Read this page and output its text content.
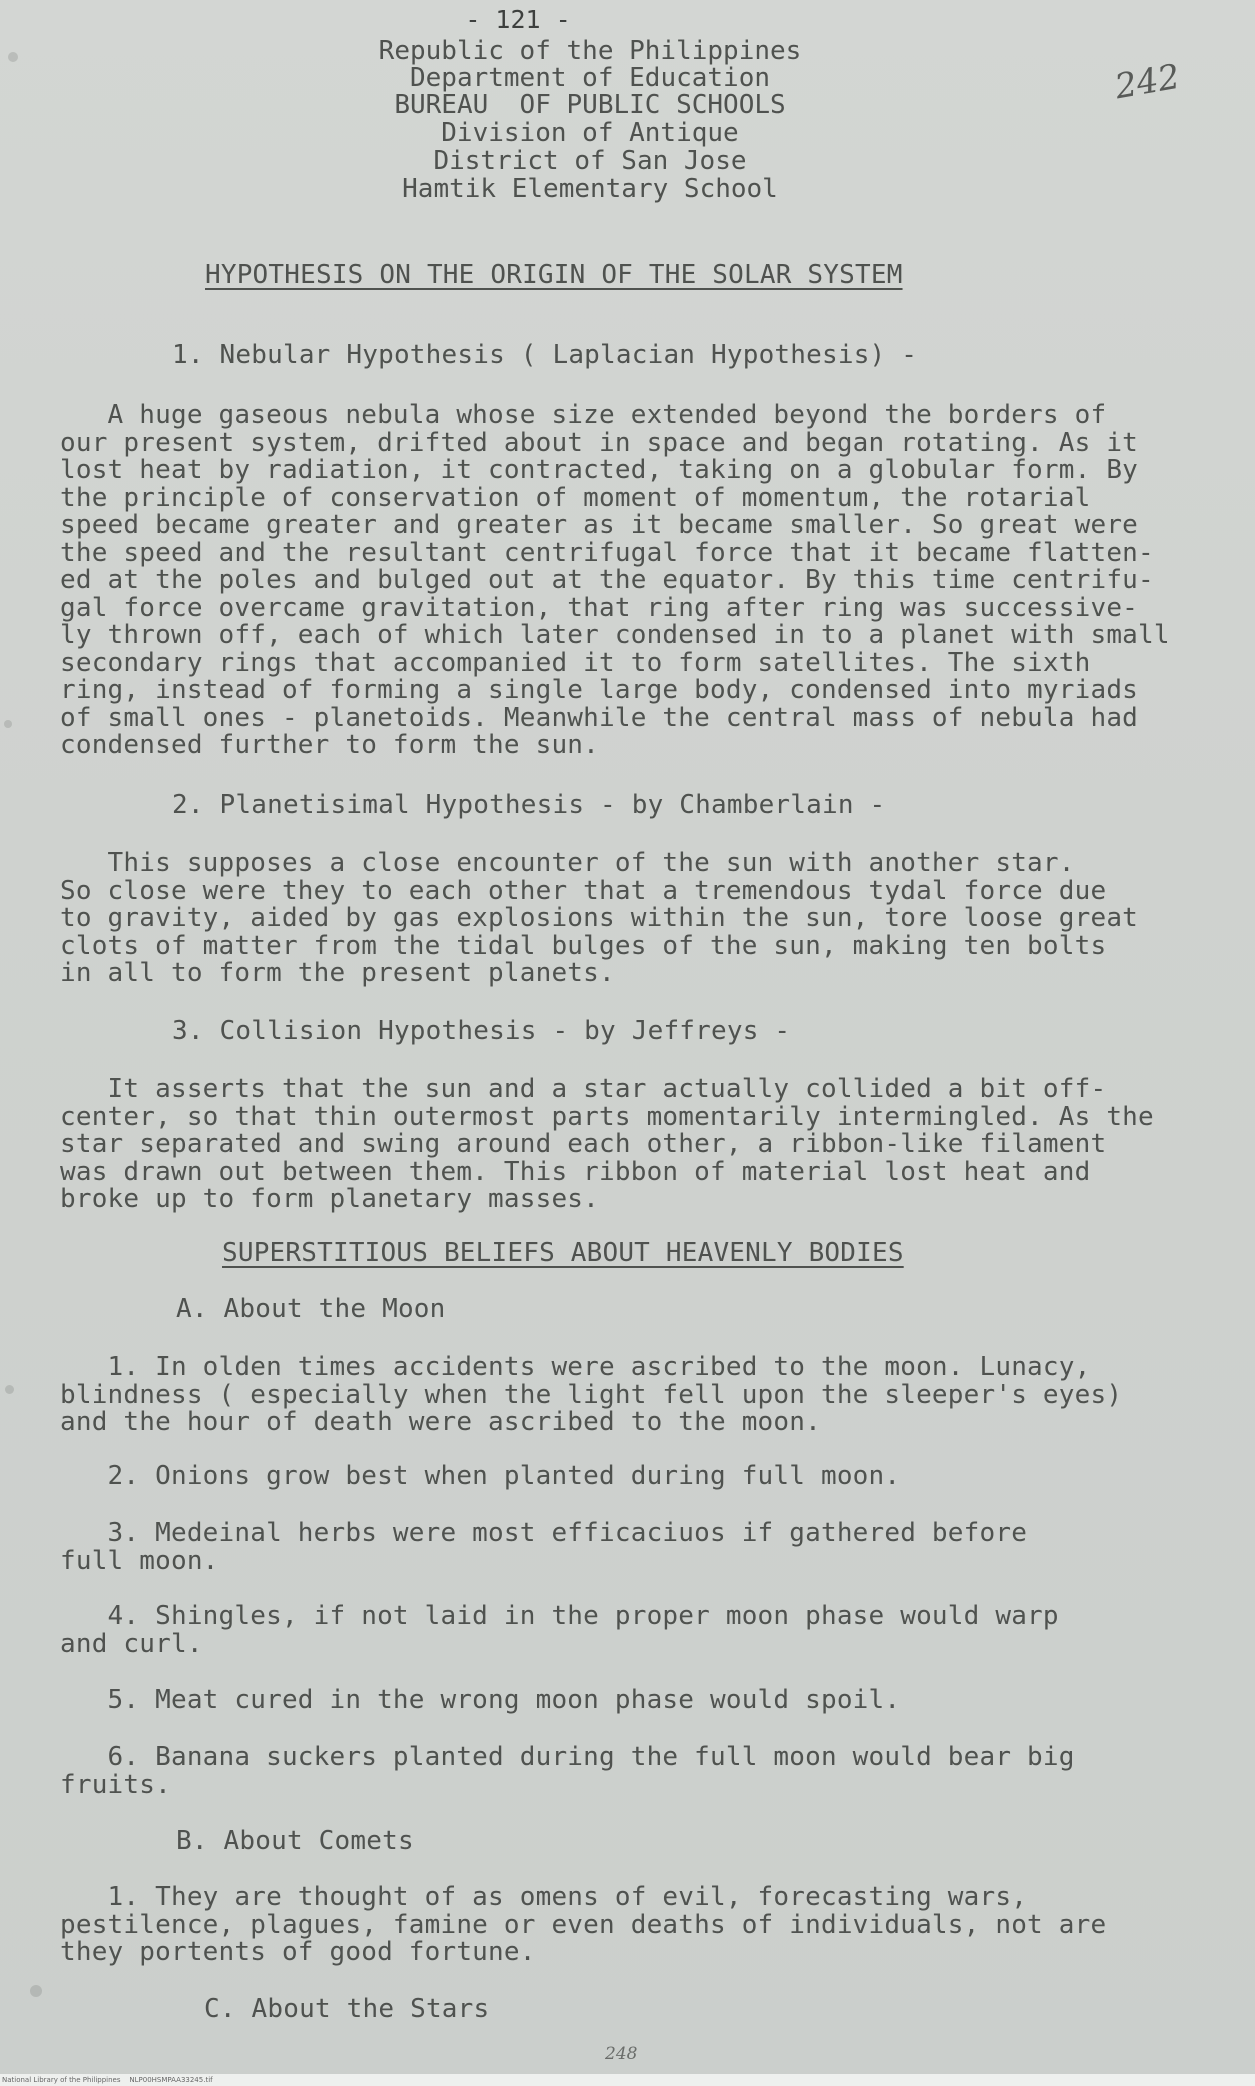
- 121 -
Republic of the Philippines
Department of Education
BUREAU  OF PUBLIC SCHOOLS
Division of Antique
District of San Jose
Hamtik Elementary School
242
HYPOTHESIS ON THE ORIGIN OF THE SOLAR SYSTEM
1. Nebular Hypothesis ( Laplacian Hypothesis) -
A huge gaseous nebula whose size extended beyond the borders of
our present system, drifted about in space and began rotating. As it
lost heat by radiation, it contracted, taking on a globular form. By
the principle of conservation of moment of momentum, the rotarial
speed became greater and greater as it became smaller. So great were
the speed and the resultant centrifugal force that it became flatten-
ed at the poles and bulged out at the equator. By this time centrifu-
gal force overcame gravitation, that ring after ring was successive-
ly thrown off, each of which later condensed in to a planet with small
secondary rings that accompanied it to form satellites. The sixth
ring, instead of forming a single large body, condensed into myriads
of small ones - planetoids. Meanwhile the central mass of nebula had
condensed further to form the sun.
2. Planetisimal Hypothesis - by Chamberlain -
This supposes a close encounter of the sun with another star.
So close were they to each other that a tremendous tydal force due
to gravity, aided by gas explosions within the sun, tore loose great
clots of matter from the tidal bulges of the sun, making ten bolts
in all to form the present planets.
3. Collision Hypothesis - by Jeffreys -
It asserts that the sun and a star actually collided a bit off-
center, so that thin outermost parts momentarily intermingled. As the
star separated and swing around each other, a ribbon-like filament
was drawn out between them. This ribbon of material lost heat and
broke up to form planetary masses.
SUPERSTITIOUS BELIEFS ABOUT HEAVENLY BODIES
A. About the Moon
1. In olden times accidents were ascribed to the moon. Lunacy,
blindness ( especially when the light fell upon the sleeper's eyes)
and the hour of death were ascribed to the moon.
2. Onions grow best when planted during full moon.
3. Medeinal herbs were most efficaciuos if gathered before
full moon.
4. Shingles, if not laid in the proper moon phase would warp
and curl.
5. Meat cured in the wrong moon phase would spoil.
6. Banana suckers planted during the full moon would bear big
fruits.
B. About Comets
1. They are thought of as omens of evil, forecasting wars,
pestilence, plagues, famine or even deaths of individuals, not are
they portents of good fortune.
C. About the Stars
248
National Library of the Philippines    NLP00HSMPAA33245.tif
